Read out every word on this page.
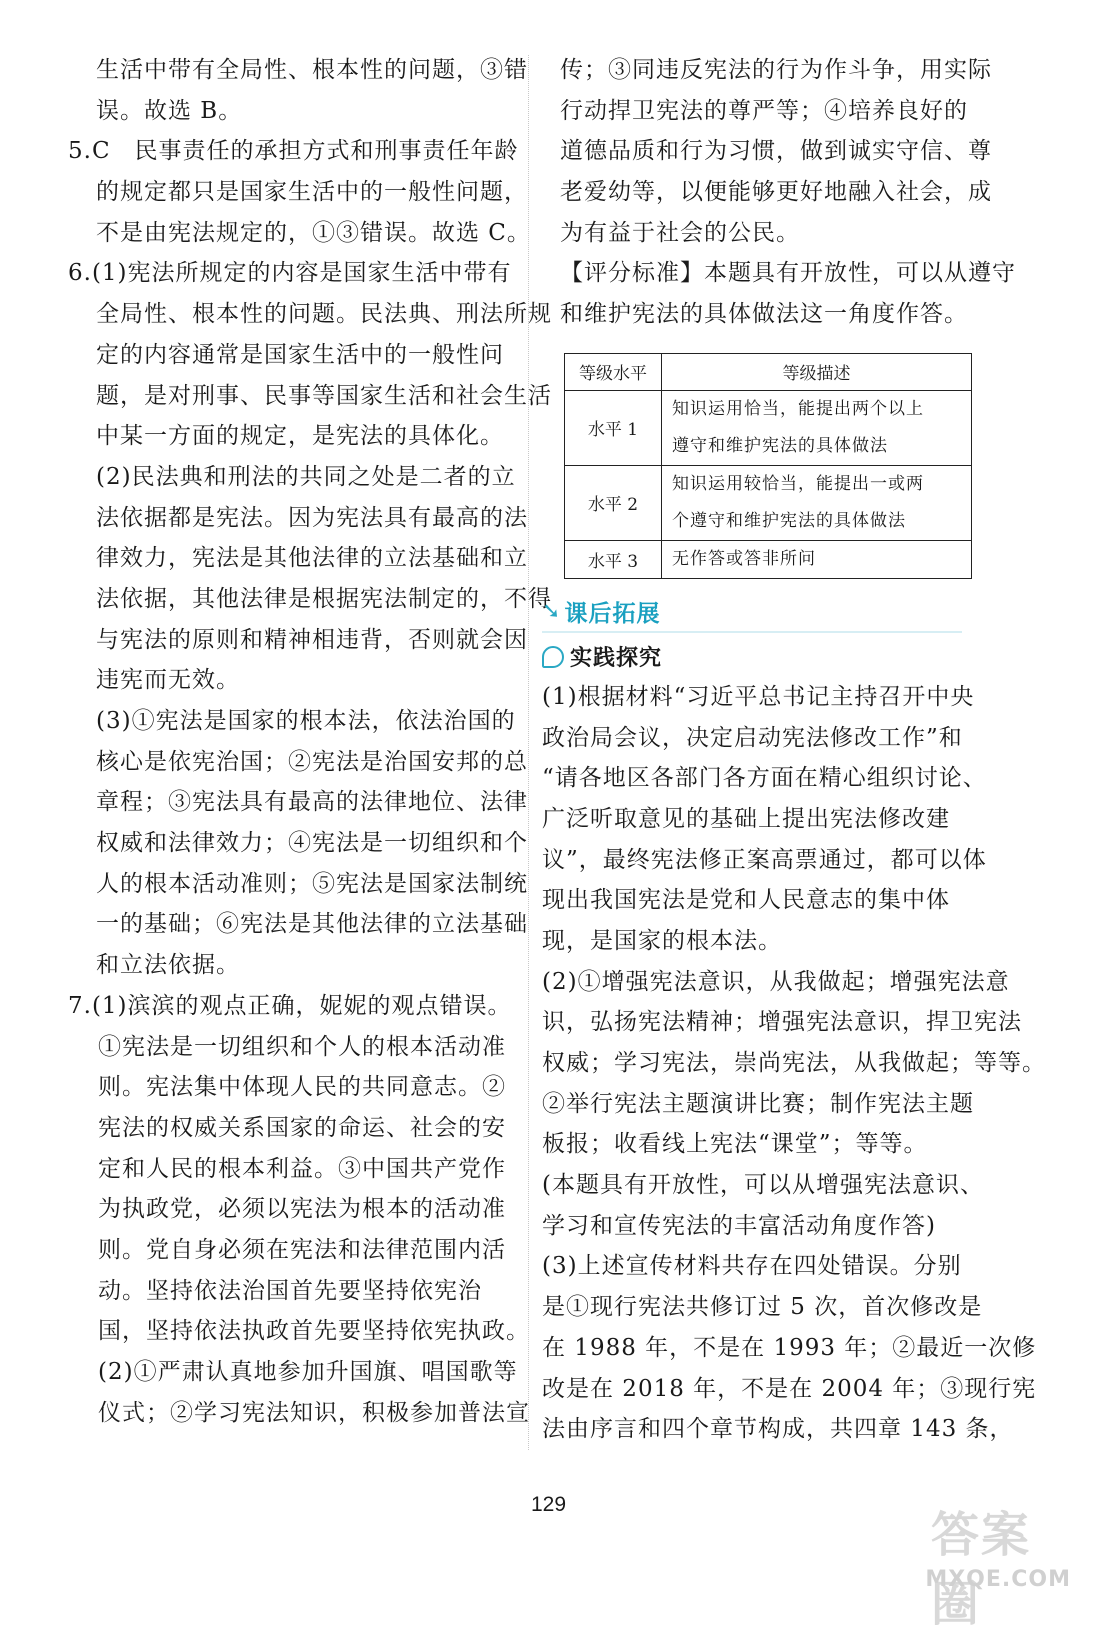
生活中带有全局性、根本性的问题，③错
误。故选 B。
5.C　民事责任的承担方式和刑事责任年龄
的规定都只是国家生活中的一般性问题，
不是由宪法规定的，①③错误。故选 C。
6.(1)宪法所规定的内容是国家生活中带有
全局性、根本性的问题。民法典、刑法所规
定的内容通常是国家生活中的一般性问
题，是对刑事、民事等国家生活和社会生活
中某一方面的规定，是宪法的具体化。
(2)民法典和刑法的共同之处是二者的立
法依据都是宪法。因为宪法具有最高的法
律效力，宪法是其他法律的立法基础和立
法依据，其他法律是根据宪法制定的，不得
与宪法的原则和精神相违背，否则就会因
违宪而无效。
(3)①宪法是国家的根本法，依法治国的
核心是依宪治国；②宪法是治国安邦的总
章程；③宪法具有最高的法律地位、法律
权威和法律效力；④宪法是一切组织和个
人的根本活动准则；⑤宪法是国家法制统
一的基础；⑥宪法是其他法律的立法基础
和立法依据。
7.(1)滨滨的观点正确，妮妮的观点错误。
①宪法是一切组织和个人的根本活动准
则。宪法集中体现人民的共同意志。②
宪法的权威关系国家的命运、社会的安
定和人民的根本利益。③中国共产党作
为执政党，必须以宪法为根本的活动准
则。党自身必须在宪法和法律范围内活
动。坚持依法治国首先要坚持依宪治
国，坚持依法执政首先要坚持依宪执政。
(2)①严肃认真地参加升国旗、唱国歌等
仪式；②学习宪法知识，积极参加普法宣
传；③同违反宪法的行为作斗争，用实际
行动捍卫宪法的尊严等；④培养良好的
道德品质和行为习惯，做到诚实守信、尊
老爱幼等，以便能够更好地融入社会，成
为有益于社会的公民。
【评分标准】本题具有开放性，可以从遵守
和维护宪法的具体做法这一角度作答。
等级水平	等级描述
水平 1	知识运用恰当，能提出两个以上
遵守和维护宪法的具体做法

水平 2	知识运用较恰当，能提出一或两
个遵守和维护宪法的具体做法

水平 3	无作答或答非所问
➘ 课后拓展
实践探究
(1)根据材料“习近平总书记主持召开中央
政治局会议，决定启动宪法修改工作”和
“请各地区各部门各方面在精心组织讨论、
广泛听取意见的基础上提出宪法修改建
议”，最终宪法修正案高票通过，都可以体
现出我国宪法是党和人民意志的集中体
现，是国家的根本法。
(2)①增强宪法意识，从我做起；增强宪法意
识，弘扬宪法精神；增强宪法意识，捍卫宪法
权威；学习宪法，崇尚宪法，从我做起；等等。
②举行宪法主题演讲比赛；制作宪法主题
板报；收看线上宪法“课堂”；等等。
(本题具有开放性，可以从增强宪法意识、
学习和宣传宪法的丰富活动角度作答)
(3)上述宣传材料共存在四处错误。分别
是①现行宪法共修订过 5 次，首次修改是
在 1988 年，不是在 1993 年；②最近一次修
改是在 2018 年，不是在 2004 年；③现行宪
法由序言和四个章节构成，共四章 143 条，
129
答案圈
MXQE.COM
